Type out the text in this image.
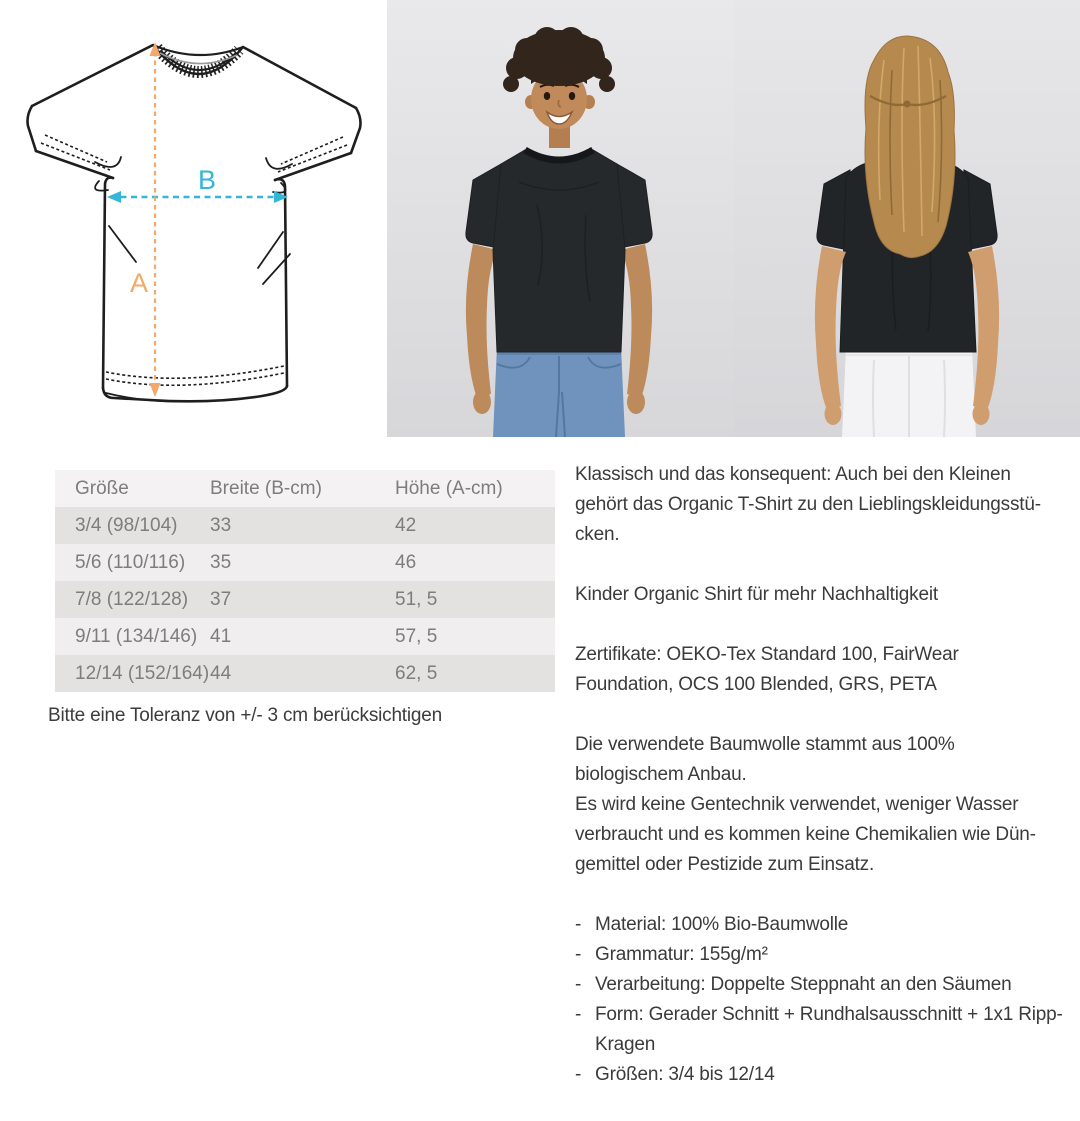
B
A
Größe	Breite (B-cm)	Höhe (A-cm)
3/4 (98/104)	33	42
5/6 (110/116)	35	46
7/8 (122/128)	37	51, 5
9/11 (134/146)	41	57, 5
12/14 (152/164)	44	62, 5
Bitte eine Toleranz von +/- 3 cm berücksichtigen
Klassisch und das konsequent: Auch bei den Kleinen
gehört das Organic T-Shirt zu den Lieblingskleidungsstü-
cken.
Kinder Organic Shirt für mehr Nachhaltigkeit
Zertifikate: OEKO-Tex Standard 100, FairWear
Foundation, OCS 100 Blended, GRS, PETA
Die verwendete Baumwolle stammt aus 100%
biologischem Anbau.
Es wird keine Gentechnik verwendet, weniger Wasser
verbraucht und es kommen keine Chemikalien wie Dün-
gemittel oder Pestizide zum Einsatz.
- Material: 100% Bio-Baumwolle
- Grammatur: 155g/m²
- Verarbeitung: Doppelte Steppnaht an den Säumen
- Form: Gerader Schnitt + Rundhalsausschnitt + 1x1 Ripp-Kragen
- Größen: 3/4 bis 12/14
